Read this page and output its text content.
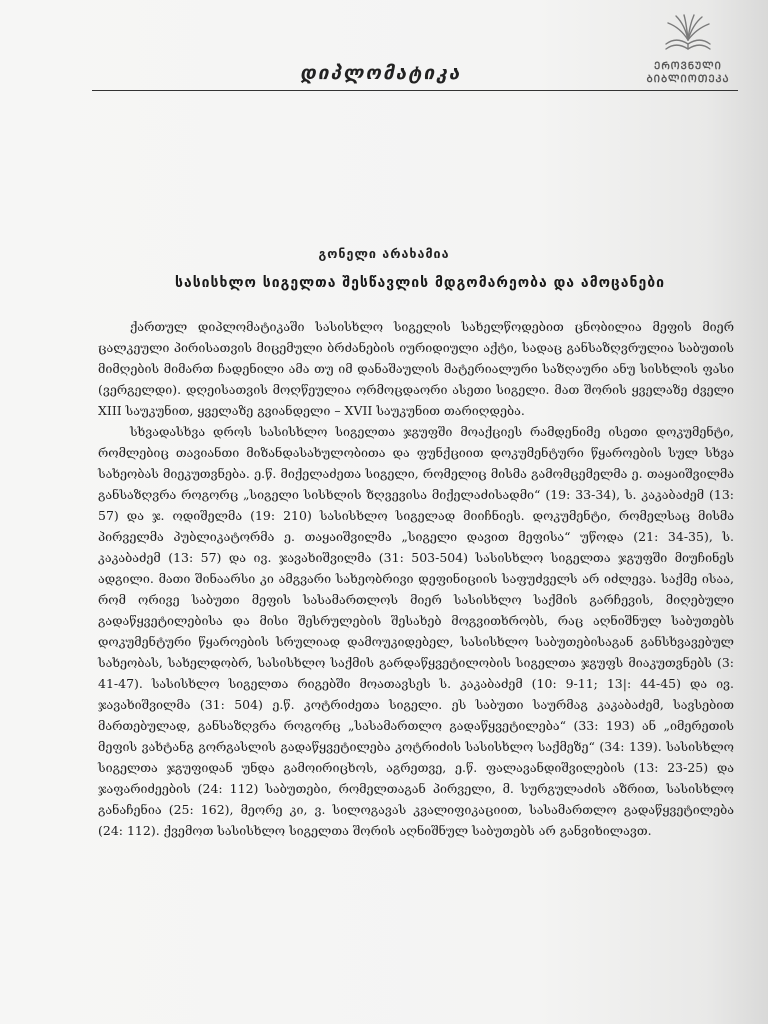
დიპლომატიკა	ᲔᲠᲝᲕᲜᲣᲚᲘ
ᲑᲘᲑᲚᲘᲝᲗᲔᲙᲐ
გონელი არახამია
სასისხლო სიგელთა შესწავლის მდგომარეობა და ამოცანები

ქართულ დიპლომატიკაში სასისხლო სიგელის სახელწოდებით ცნობილია მეფის მიერ ცალკეული პირისათვის მიცემული ბრძანების იურიდიული აქტი, სადაც განსაზღვრულია საბუთის მიმღების მიმართ ჩადენილი ამა თუ იმ დანაშაულის მატერიალური საზღაური ანუ სისხლის ფასი (ვერგელდი). დღეისათვის მოღწეულია ორმოცდაორი ასეთი სიგელი. მათ შორის ყველაზე ძველი XIII საუკუნით, ყველაზე გვიანდელი – XVII საუკუნით თარიღდება.

სხვადასხვა დროს სასისხლო სიგელთა ჯგუფში მოაქციეს რამდენიმე ისეთი დოკუმენტი, რომლებიც თავიანთი მიზანდასახულობითა და ფუნქციით დოკუმენტური წყაროების სულ სხვა სახეობას მიეკუთვნება. ე.წ. მიქელაძეთა სიგელი, რომელიც მისმა გამომცემელმა ე. თაყაიშვილმა განსაზღვრა როგორც „სიგელი სისხლის ზღვევისა მიქელაძისადმი“ (19: 33-34), ს. კაკაბაძემ (13: 57) და ჯ. ოდიშელმა (19: 210) სასისხლო სიგელად მიიჩნიეს. დოკუმენტი, რომელსაც მისმა პირველმა პუბლიკატორმა ე. თაყაიშვილმა „სიგელი დავით მეფისა“ უწოდა (21: 34-35), ს. კაკაბაძემ (13: 57) და ივ. ჯავახიშვილმა (31: 503-504) სასისხლო სიგელთა ჯგუფში მიუჩინეს ადგილი. მათი შინაარსი კი ამგვარი სახეობრივი დეფინიციის საფუძველს არ იძლევა. საქმე ისაა, რომ ორივე საბუთი მეფის სასამართლოს მიერ სასისხლო საქმის გარჩევის, მიღებული გადაწყვეტილებისა და მისი შესრულების შესახებ მოგვითხრობს, რაც აღნიშნულ საბუთებს დოკუმენტური წყაროების სრულიად დამოუკიდებელ, სასისხლო საბუთებისაგან განსხვავებულ სახეობას, სახელდობრ, სასისხლო საქმის გარდაწყვეტილობის სიგელთა ჯგუფს მიაკუთვნებს (3: 41-47). სასისხლო სიგელთა რიგებში მოათავსეს ს. კაკაბაძემ (10: 9-11; 13|: 44-45) და ივ. ჯავახიშვილმა (31: 504) ე.წ. კოტრიძეთა სიგელი. ეს საბუთი საურმაგ კაკაბაძემ, სავსებით მართებულად, განსაზღვრა როგორც „სასამართლო გადაწყვეტილება“ (33: 193) ან „იმერეთის მეფის ვახტანგ გორგასლის გადაწყვეტილება კოტრიძის სასისხლო საქმეზე“ (34: 139). სასისხლო სიგელთა ჯგუფიდან უნდა გამოირიცხოს, აგრეთვე, ე.წ. ფალავანდიშვილების (13: 23-25) და ჯაფარიძეების (24: 112) საბუთები, რომელთაგან პირველი, მ. სურგულაძის აზრით, სასისხლო განაჩენია (25: 162), მეორე კი, ვ. სილოგავას კვალიფიკაციით, სასამართლო გადაწყვეტილება (24: 112). ქვემოთ სასისხლო სიგელთა შორის აღნიშნულ საბუთებს არ განვიხილავთ.
